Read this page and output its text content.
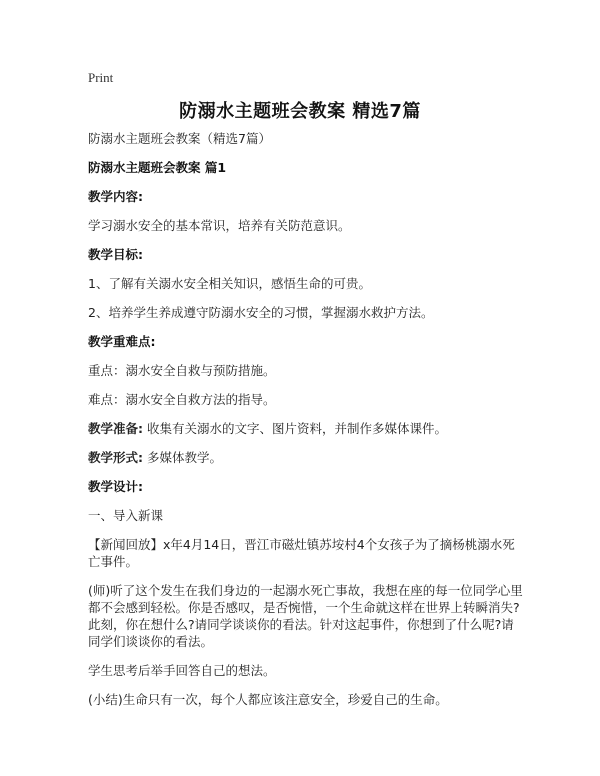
Print
防溺水主题班会教案 精选7篇
防溺水主题班会教案（精选7篇）
防溺水主题班会教案 篇1
教学内容:
学习溺水安全的基本常识，培养有关防范意识。
教学目标:
1、了解有关溺水安全相关知识，感悟生命的可贵。
2、培养学生养成遵守防溺水安全的习惯，掌握溺水救护方法。
教学重难点:
重点：溺水安全自救与预防措施。
难点：溺水安全自救方法的指导。
教学准备: 收集有关溺水的文字、图片资料，并制作多媒体课件。
教学形式: 多媒体教学。
教学设计:
一、导入新课
【新闻回放】x年4月14日，晋江市磁灶镇苏垵村4个女孩子为了摘杨桃溺水死亡事件。
(师)听了这个发生在我们身边的一起溺水死亡事故，我想在座的每一位同学心里都不会感到轻松。你是否感叹，是否惋惜，一个生命就这样在世界上转瞬消失?此刻，你在想什么?请同学谈谈你的看法。针对这起事件，你想到了什么呢?请同学们谈谈你的看法。
学生思考后举手回答自己的想法。
(小结)生命只有一次，每个人都应该注意安全，珍爱自己的生命。
